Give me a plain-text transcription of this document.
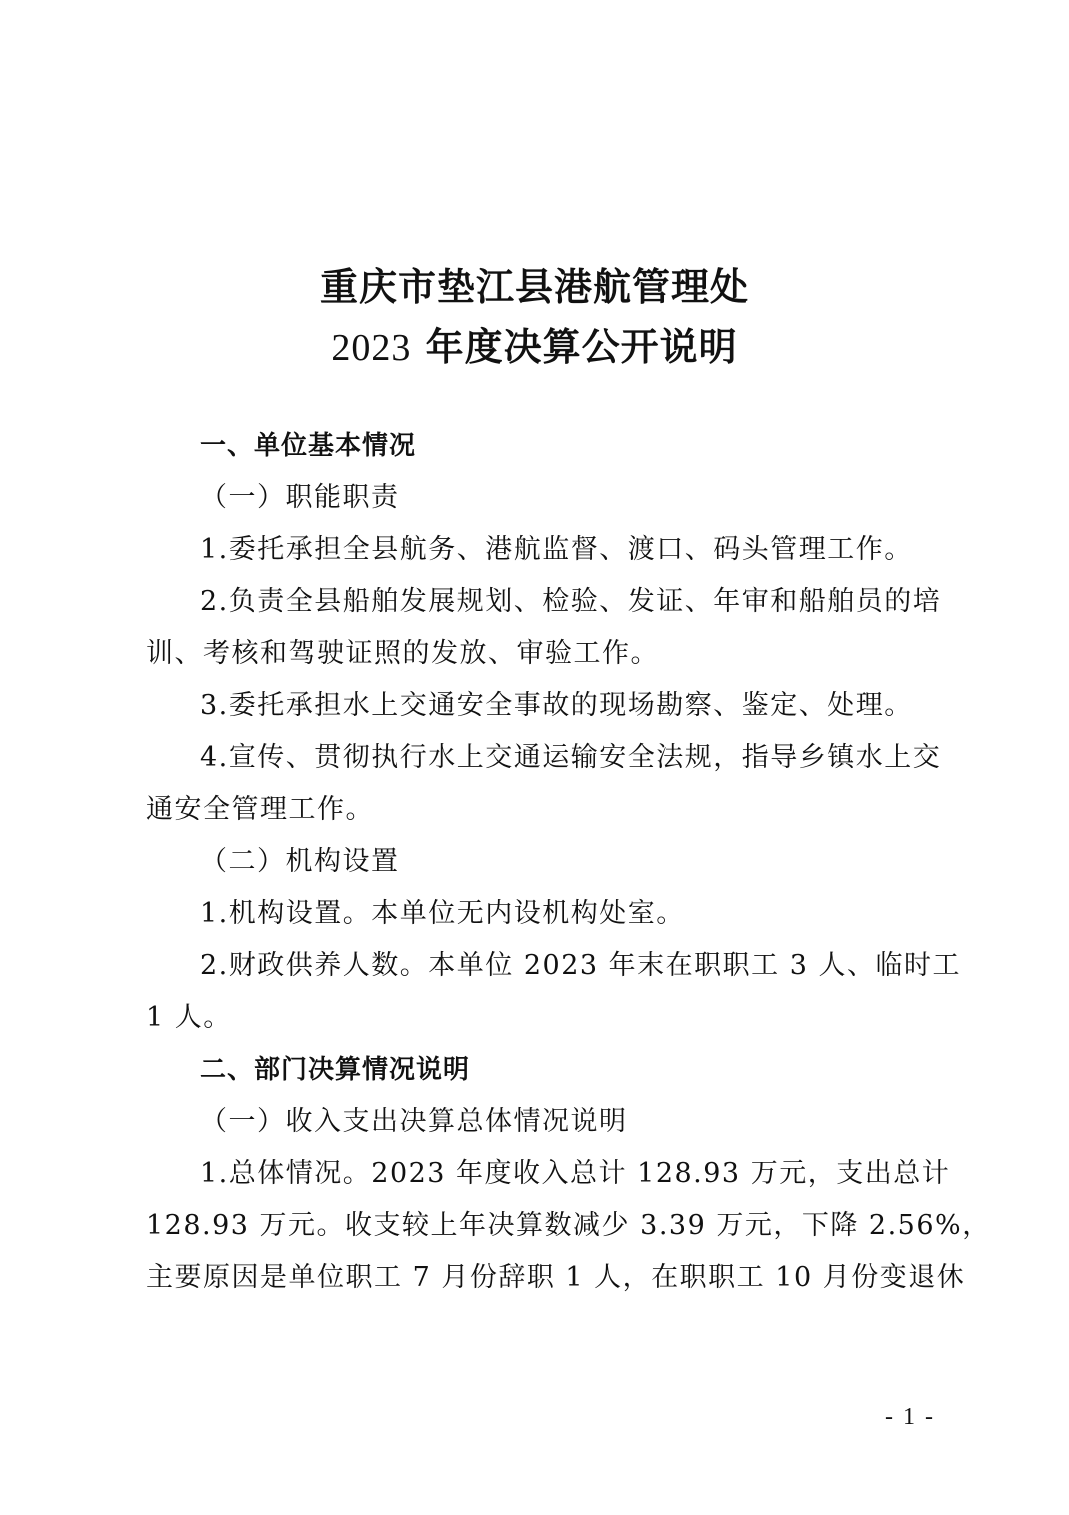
重庆市垫江县港航管理处
2023 年度决算公开说明
一、单位基本情况
（一）职能职责
1.委托承担全县航务、港航监督、渡口、码头管理工作。
2.负责全县船舶发展规划、检验、发证、年审和船舶员的培
训、考核和驾驶证照的发放、审验工作。
3.委托承担水上交通安全事故的现场勘察、鉴定、处理。
4.宣传、贯彻执行水上交通运输安全法规，指导乡镇水上交
通安全管理工作。
（二）机构设置
1.机构设置。本单位无内设机构处室。
2.财政供养人数。本单位 2023 年末在职职工 3 人、临时工
1 人。
二、部门决算情况说明
（一）收入支出决算总体情况说明
1.总体情况。2023 年度收入总计 128.93 万元，支出总计
128.93 万元。收支较上年决算数减少 3.39 万元，下降 2.56%，
主要原因是单位职工 7 月份辞职 1 人，在职职工 10 月份变退休
- 1 -
